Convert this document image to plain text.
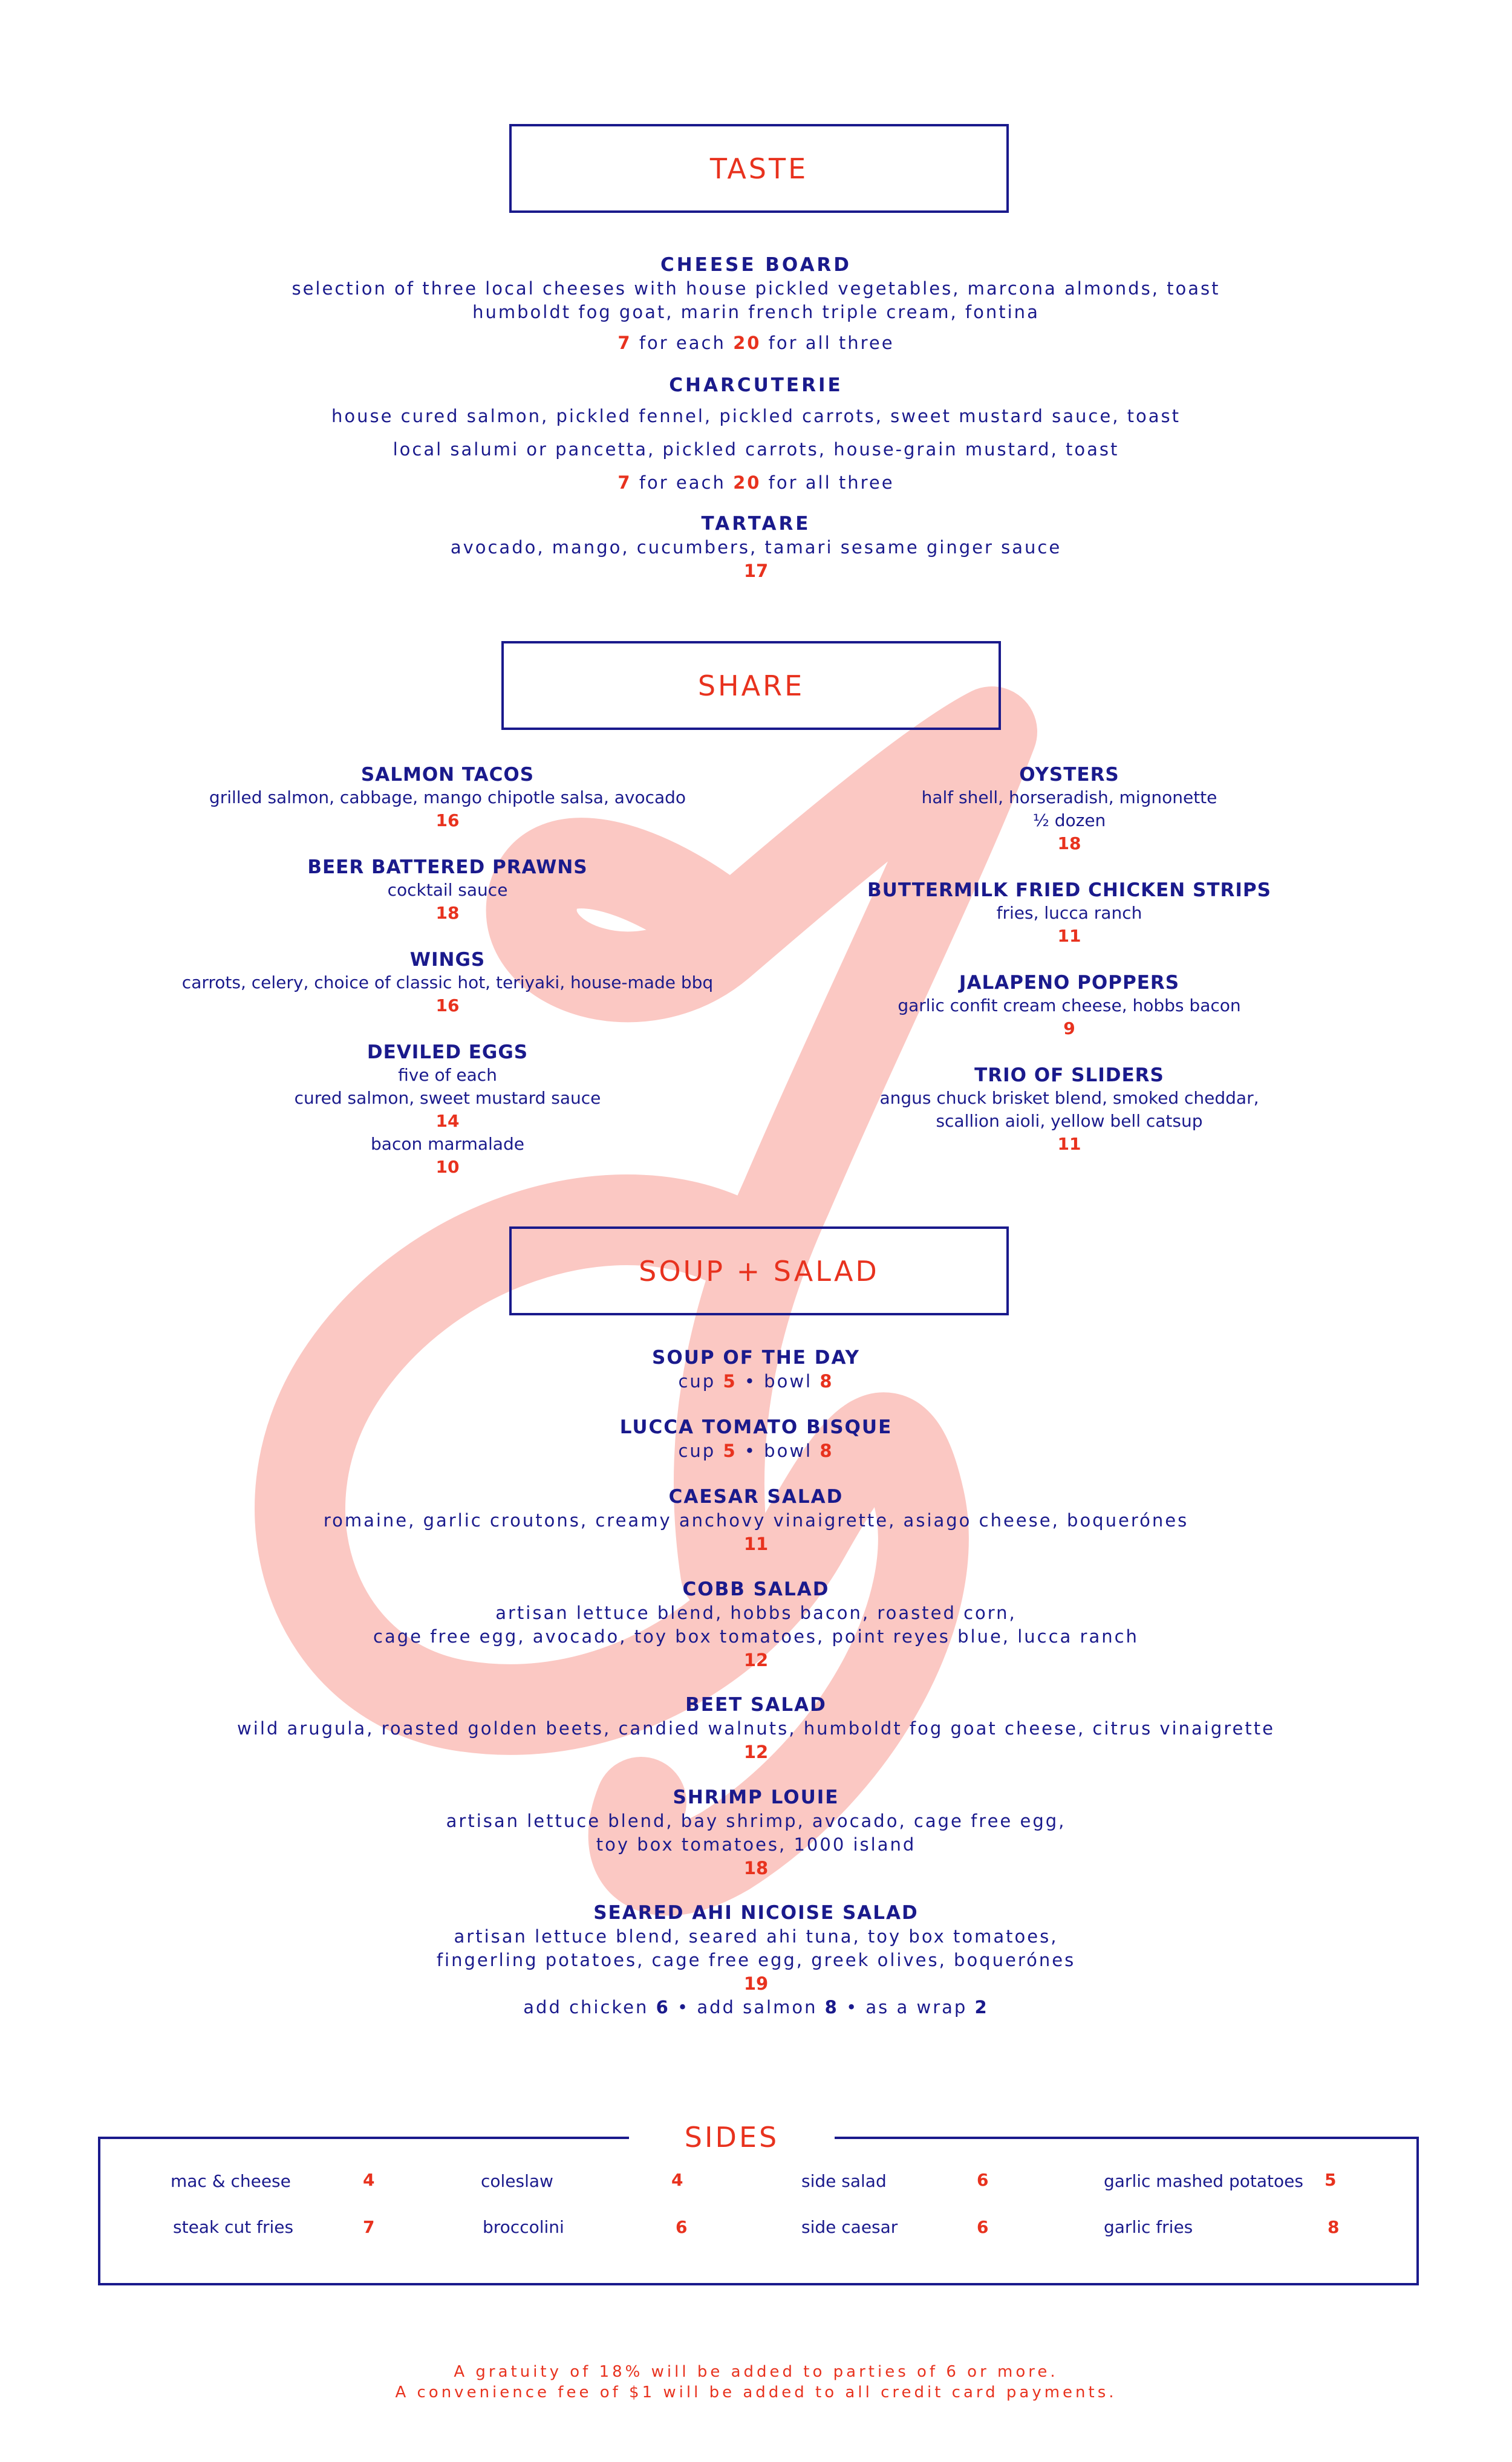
TASTE
CHEESE BOARD
selection of three local cheeses with house pickled vegetables, marcona almonds, toast
humboldt fog goat, marin french triple cream, fontina
7 for each 20 for all three
CHARCUTERIE
house cured salmon, pickled fennel, pickled carrots, sweet mustard sauce, toast
local salumi or pancetta, pickled carrots, house-grain mustard, toast
7 for each 20 for all three
TARTARE
avocado, mango, cucumbers, tamari sesame ginger sauce
17
SHARE
SALMON TACOS
grilled salmon, cabbage, mango chipotle salsa, avocado
16
BEER BATTERED PRAWNS
cocktail sauce
18
WINGS
carrots, celery, choice of classic hot, teriyaki, house-made bbq
16
DEVILED EGGS
five of each
cured salmon, sweet mustard sauce
14
bacon marmalade
10
OYSTERS
half shell, horseradish, mignonette
½ dozen
18
BUTTERMILK FRIED CHICKEN STRIPS
fries, lucca ranch
11
JALAPENO POPPERS
garlic confit cream cheese, hobbs bacon
9
TRIO OF SLIDERS
angus chuck brisket blend, smoked cheddar,
scallion aioli, yellow bell catsup
11
SOUP + SALAD
SOUP OF THE DAY
cup 5 • bowl 8
LUCCA TOMATO BISQUE
cup 5 • bowl 8
CAESAR SALAD
romaine, garlic croutons, creamy anchovy vinaigrette, asiago cheese, boquerónes
11
COBB SALAD
artisan lettuce blend, hobbs bacon, roasted corn,
cage free egg, avocado, toy box tomatoes, point reyes blue, lucca ranch
12
BEET SALAD
wild arugula, roasted golden beets, candied walnuts, humboldt fog goat cheese, citrus vinaigrette
12
SHRIMP LOUIE
artisan lettuce blend, bay shrimp, avocado, cage free egg,
toy box tomatoes, 1000 island
18
SEARED AHI NICOISE SALAD
artisan lettuce blend, seared ahi tuna, toy box tomatoes,
fingerling potatoes, cage free egg, greek olives, boquerónes
19
add chicken 6 • add salmon 8 • as a wrap 2
SIDES
mac & cheese	4	coleslaw	4	side salad	6	garlic mashed potatoes 5
steak cut fries	7	broccolini	6	side caesar	6	garlic fries	8
A gratuity of 18% will be added to parties of 6 or more.
A convenience fee of $1 will be added to all credit card payments.
